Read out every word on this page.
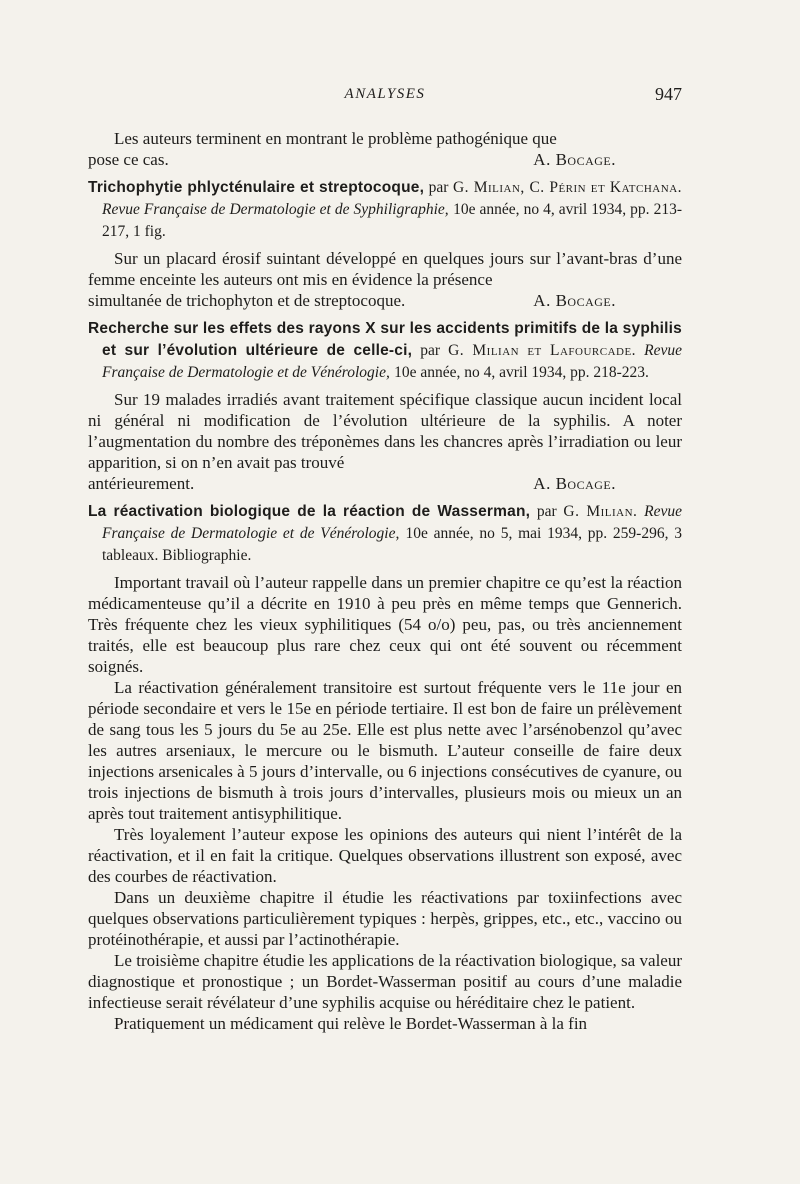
ANALYSES	947

Les auteurs terminent en montrant le problème pathogénique que

pose ce cas.	A. Bocage.

Trichophytie phlycténulaire et streptocoque, par G. Milian, C. Périn et Katchana. Revue Française de Dermatologie et de Syphiligraphie, 10e année, no 4, avril 1934, pp. 213-217, 1 fig.

Sur un placard érosif suintant développé en quelques jours sur l’avant-bras d’une femme enceinte les auteurs ont mis en évidence la présence

simultanée de trichophyton et de streptocoque.	A. Bocage.

Recherche sur les effets des rayons X sur les accidents primitifs de la syphilis et sur l’évolution ultérieure de celle-ci, par G. Milian et Lafourcade. Revue Française de Dermatologie et de Vénérologie, 10e année, no 4, avril 1934, pp. 218-223.

Sur 19 malades irradiés avant traitement spécifique classique aucun incident local ni général ni modification de l’évolution ultérieure de la syphilis. A noter l’augmentation du nombre des tréponèmes dans les chancres après l’irradiation ou leur apparition, si on n’en avait pas trouvé

antérieurement.	A. Bocage.

La réactivation biologique de la réaction de Wasserman, par G. Milian. Revue Française de Dermatologie et de Vénérologie, 10e année, no 5, mai 1934, pp. 259-296, 3 tableaux. Bibliographie.

Important travail où l’auteur rappelle dans un premier chapitre ce qu’est la réaction médicamenteuse qu’il a décrite en 1910 à peu près en même temps que Gennerich. Très fréquente chez les vieux syphilitiques (54 o/o) peu, pas, ou très anciennement traités, elle est beaucoup plus rare chez ceux qui ont été souvent ou récemment soignés.

La réactivation généralement transitoire est surtout fréquente vers le 11e jour en période secondaire et vers le 15e en période tertiaire. Il est bon de faire un prélèvement de sang tous les 5 jours du 5e au 25e. Elle est plus nette avec l’arsénobenzol qu’avec les autres arseniaux, le mercure ou le bismuth. L’auteur conseille de faire deux injections arsenicales à 5 jours d’intervalle, ou 6 injections consécutives de cyanure, ou trois injections de bismuth à trois jours d’intervalles, plusieurs mois ou mieux un an après tout traitement antisyphilitique.

Très loyalement l’auteur expose les opinions des auteurs qui nient l’intérêt de la réactivation, et il en fait la critique. Quelques observations illustrent son exposé, avec des courbes de réactivation.

Dans un deuxième chapitre il étudie les réactivations par toxiinfections avec quelques observations particulièrement typiques : herpès, grippes, etc., etc., vaccino ou protéinothérapie, et aussi par l’actinothérapie.

Le troisième chapitre étudie les applications de la réactivation biologique, sa valeur diagnostique et pronostique ; un Bordet-Wasserman positif au cours d’une maladie infectieuse serait révélateur d’une syphilis acquise ou héréditaire chez le patient.

Pratiquement un médicament qui relève le Bordet-Wasserman à la fin
